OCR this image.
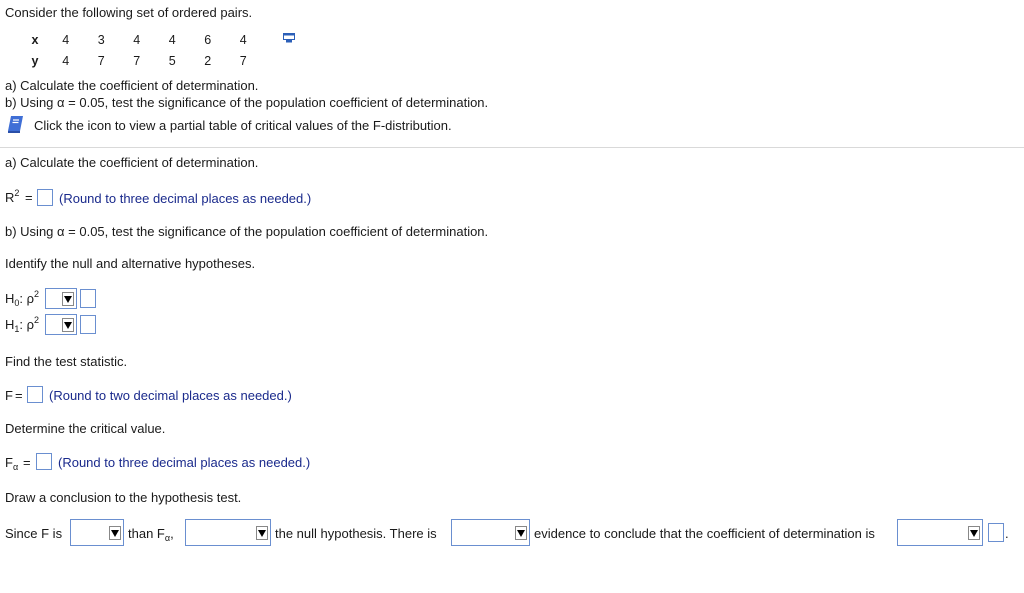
Consider the following set of ordered pairs.
x	4	3	4	4	6	4
y	4	7	7	5	2	7
a) Calculate the coefficient of determination.
b) Using α = 0.05, test the significance of the population coefficient of determination.
Click the icon to view a partial table of critical values of the F-distribution.
a) Calculate the coefficient of determination.
$R^2$ = (Round to three decimal places as needed.)
b) Using α = 0.05, test the significance of the population coefficient of determination.
Identify the null and alternative hypotheses.
$H_0$: $\rho^2$
$H_1$: $\rho^2$
Find the test statistic.
F = (Round to two decimal places as needed.)
Determine the critical value.
$F_\alpha$ = (Round to three decimal places as needed.)
Draw a conclusion to the hypothesis test.
Since F is	than $F_\alpha$,	the null hypothesis. There is	evidence to conclude that the coefficient of determination is	.
